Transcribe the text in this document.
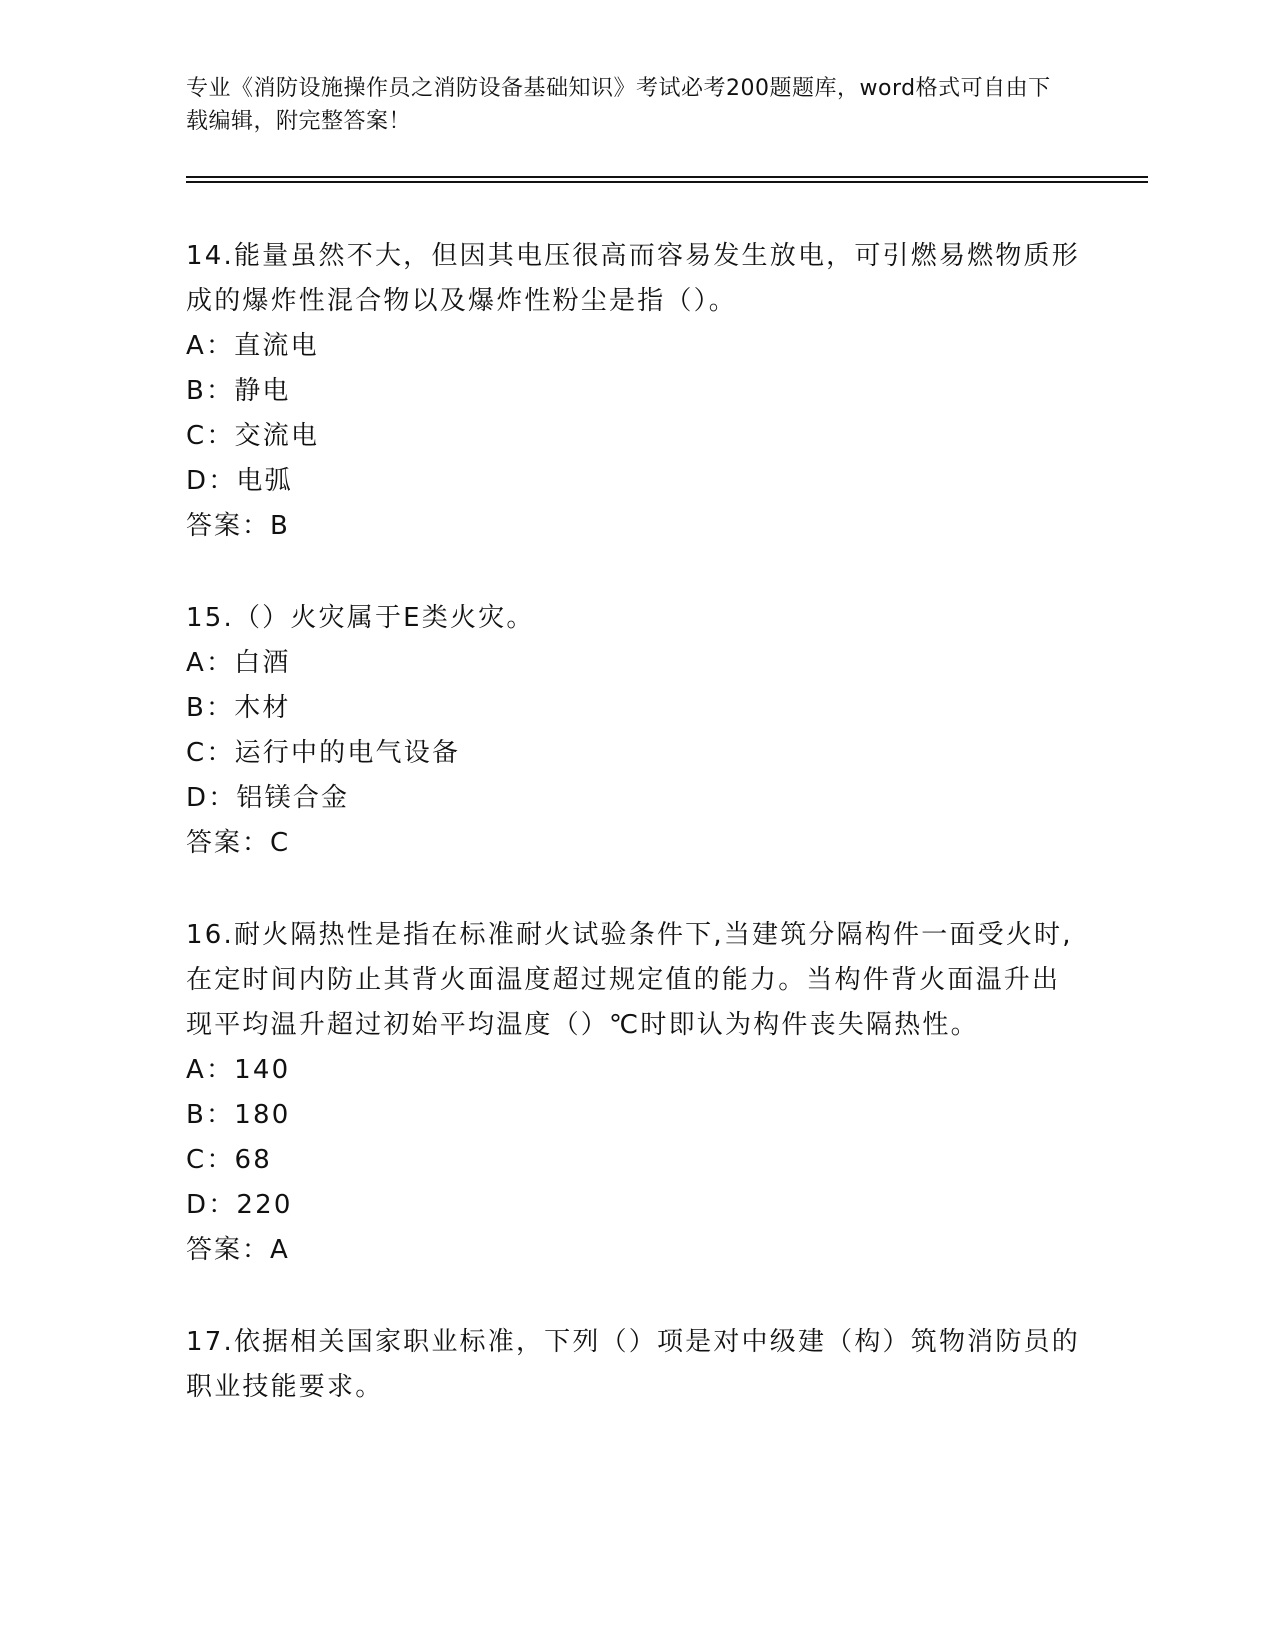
专业《消防设施操作员之消防设备基础知识》考试必考200题题库，word格式可自由下载编辑，附完整答案！

14.能量虽然不大，但因其电压很高而容易发生放电，可引燃易燃物质形成的爆炸性混合物以及爆炸性粉尘是指（）。

A：直流电
B：静电
C：交流电
D：电弧
答案：B

15.（）火灾属于E类火灾。

A：白酒
B：木材
C：运行中的电气设备
D：铝镁合金
答案：C

16.耐火隔热性是指在标准耐火试验条件下,当建筑分隔构件一面受火时,在定时间内防止其背火面温度超过规定值的能力。当构件背火面温升出现平均温升超过初始平均温度（）℃时即认为构件丧失隔热性。

A：140
B：180
C：68
D：220
答案：A

17.依据相关国家职业标准，下列（）项是对中级建（构）筑物消防员的职业技能要求。
